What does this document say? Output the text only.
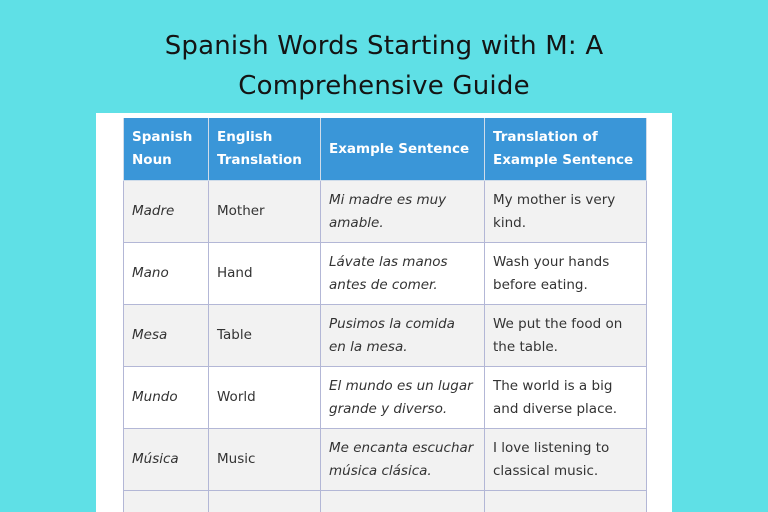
Spanish Words Starting with M: A
Comprehensive Guide
Spanish Noun	English Translation	Example Sentence	Translation of Example Sentence
Madre	Mother	Mi madre es muy amable.	My mother is very kind.
Mano	Hand	Lávate las manos antes de comer.	Wash your hands before eating.
Mesa	Table	Pusimos la comida en la mesa.	We put the food on the table.
Mundo	World	El mundo es un lugar grande y diverso.	The world is a big and diverse place.
Música	Music	Me encanta escuchar música clásica.	I love listening to classical music.
